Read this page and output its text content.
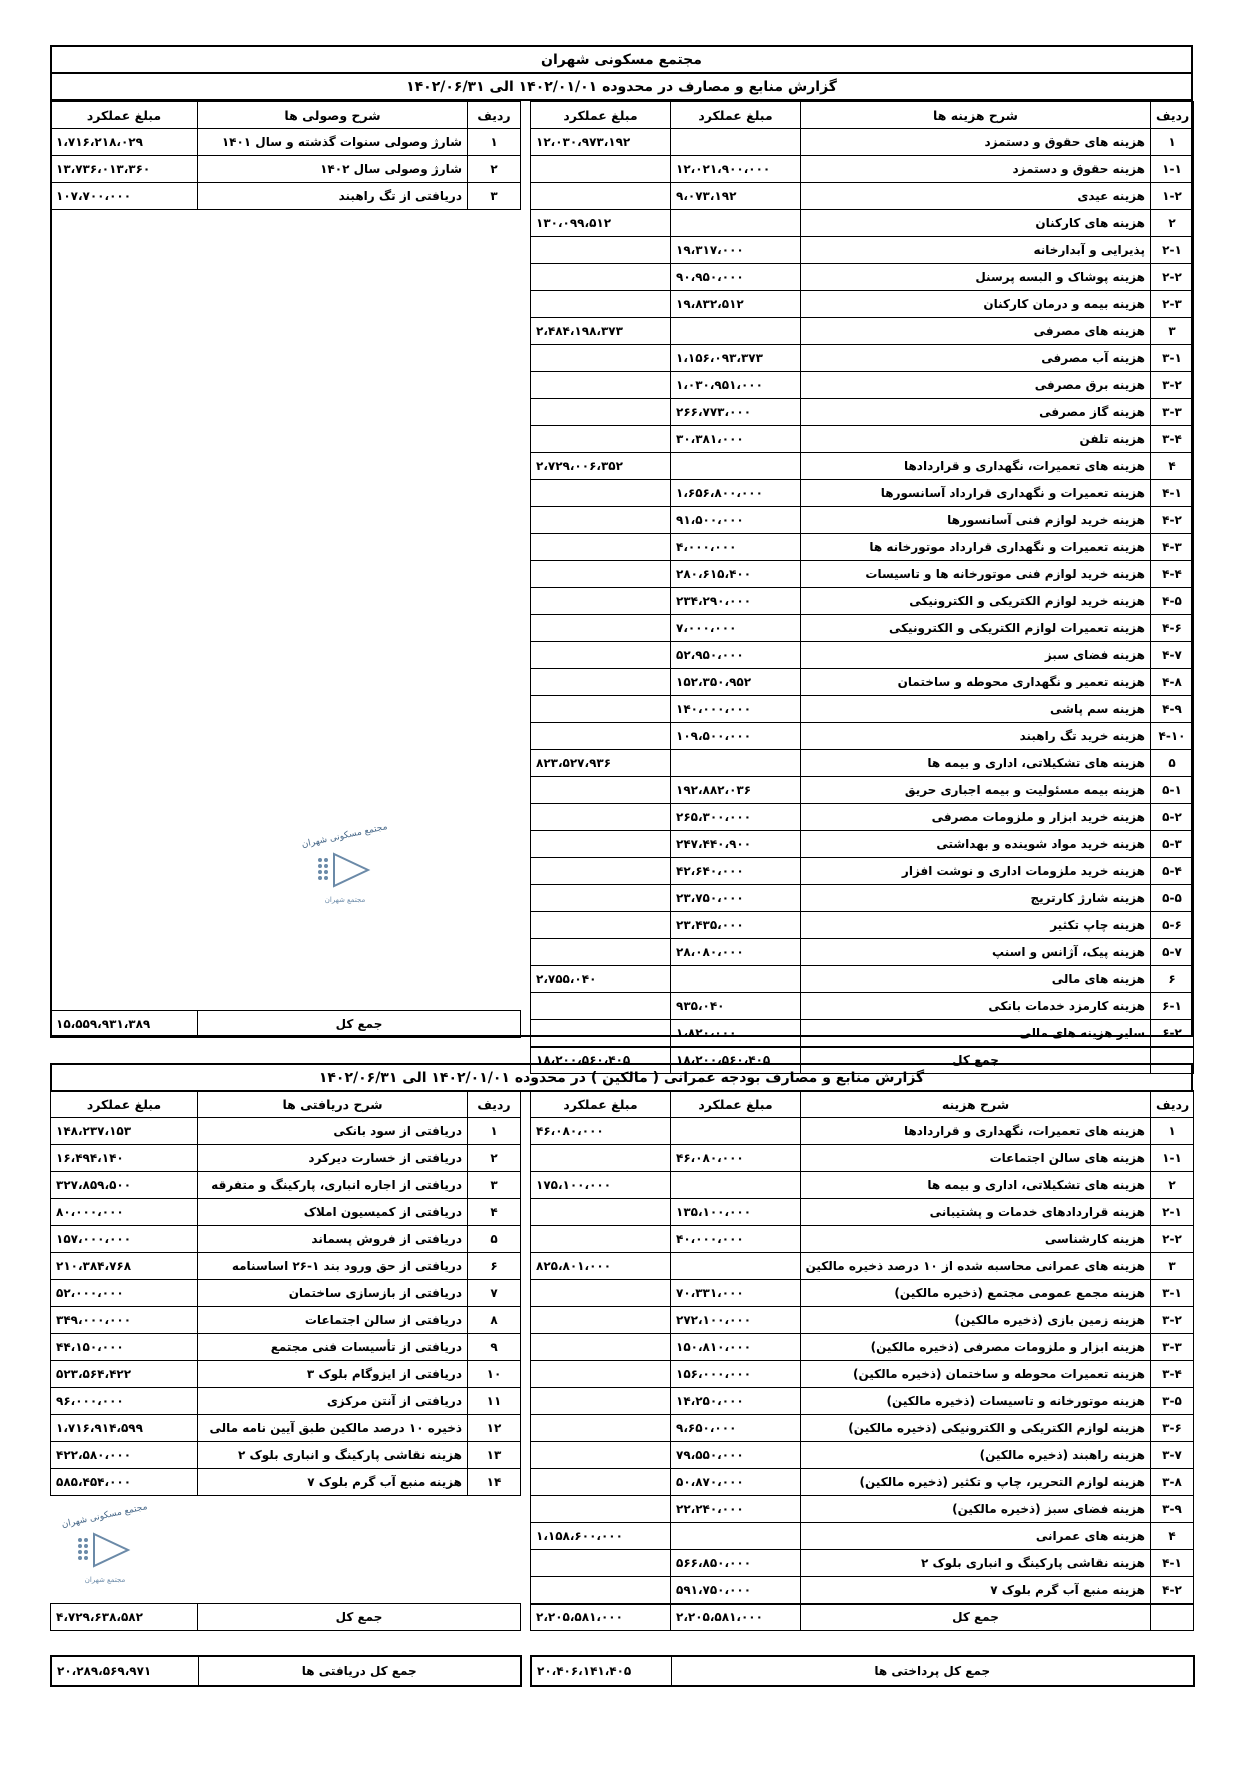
مجتمع مسکونی شهران
گزارش منابع و مصارف در محدوده ۱۴۰۲/۰۱/۰۱ الی ۱۴۰۲/۰۶/۳۱
مبلغ عملکرد	مبلغ عملکرد	شرح هزینه ها	ردیف
۱۲،۰۳۰،۹۷۳،۱۹۲		هزینه های حقوق و دستمزد	۱
	۱۲،۰۲۱،۹۰۰،۰۰۰	هزینه حقوق و دستمزد	۱-۱
	۹،۰۷۳،۱۹۲	هزینه عیدی	۱-۲
۱۳۰،۰۹۹،۵۱۲		هزینه های کارکنان	۲
	۱۹،۳۱۷،۰۰۰	پذیرایی و آبدارخانه	۲-۱
	۹۰،۹۵۰،۰۰۰	هزینه پوشاک و البسه پرسنل	۲-۲
	۱۹،۸۳۲،۵۱۲	هزینه بیمه و درمان کارکنان	۲-۳
۲،۴۸۴،۱۹۸،۳۷۳		هزینه های مصرفی	۳
	۱،۱۵۶،۰۹۳،۳۷۳	هزینه آب مصرفی	۳-۱
	۱،۰۳۰،۹۵۱،۰۰۰	هزینه برق مصرفی	۳-۲
	۲۶۶،۷۷۳،۰۰۰	هزینه گاز مصرفی	۳-۳
	۳۰،۳۸۱،۰۰۰	هزینه تلفن	۳-۴
۲،۷۲۹،۰۰۶،۳۵۲		هزینه های تعمیرات، نگهداری و قراردادها	۴
	۱،۶۵۶،۸۰۰،۰۰۰	هزینه تعمیرات و نگهداری قرارداد آسانسورها	۴-۱
	۹۱،۵۰۰،۰۰۰	هزینه خرید لوازم فنی آسانسورها	۴-۲
	۴،۰۰۰،۰۰۰	هزینه تعمیرات و نگهداری قرارداد موتورخانه ها	۴-۳
	۲۸۰،۶۱۵،۴۰۰	هزینه خرید لوازم فنی موتورخانه ها و تاسیسات	۴-۴
	۲۳۴،۲۹۰،۰۰۰	هزینه خرید لوازم الکتریکی و الکترونیکی	۴-۵
	۷،۰۰۰،۰۰۰	هزینه تعمیرات لوازم الکتریکی و الکترونیکی	۴-۶
	۵۲،۹۵۰،۰۰۰	هزینه فضای سبز	۴-۷
	۱۵۲،۳۵۰،۹۵۲	هزینه تعمیر و نگهداری محوطه و ساختمان	۴-۸
	۱۴۰،۰۰۰،۰۰۰	هزینه سم پاشی	۴-۹
	۱۰۹،۵۰۰،۰۰۰	هزینه خرید تگ راهبند	۴-۱۰
۸۲۳،۵۲۷،۹۳۶		هزینه های تشکیلاتی، اداری و بیمه ها	۵
	۱۹۲،۸۸۲،۰۳۶	هزینه بیمه مسئولیت و بیمه اجباری حریق	۵-۱
	۲۶۵،۳۰۰،۰۰۰	هزینه خرید ابزار و ملزومات مصرفی	۵-۲
	۲۴۷،۴۴۰،۹۰۰	هزینه خرید مواد شوینده و بهداشتی	۵-۳
	۴۲،۶۴۰،۰۰۰	هزینه خرید ملزومات اداری و نوشت افزار	۵-۴
	۲۳،۷۵۰،۰۰۰	هزینه شارژ کارتریج	۵-۵
	۲۳،۴۳۵،۰۰۰	هزینه چاپ تکثیر	۵-۶
	۲۸،۰۸۰،۰۰۰	هزینه پیک، آژانس و اسنپ	۵-۷
۲،۷۵۵،۰۴۰		هزینه های مالی	۶
	۹۳۵،۰۴۰	هزینه کارمزد خدمات بانکی	۶-۱
	۱،۸۲۰،۰۰۰	سایر هزینه های مالی	۶-۲
۱۸،۲۰۰،۵۶۰،۴۰۵	۱۸،۲۰۰،۵۶۰،۴۰۵	جمع کل	
مبلغ عملکرد	شرح وصولی ها	ردیف
۱،۷۱۶،۲۱۸،۰۲۹	شارژ وصولی سنوات گذشته و سال ۱۴۰۱	۱
۱۳،۷۳۶،۰۱۳،۳۶۰	شارژ وصولی سال ۱۴۰۲	۲
۱۰۷،۷۰۰،۰۰۰	دریافتی از تگ راهبند	۳
۱۵،۵۵۹،۹۳۱،۳۸۹	جمع کل
مجتمع مسکونی شهران
مجتمع شهران
گزارش منابع و مصارف بودجه عمرانی ( مالکین ) در محدوده ۱۴۰۲/۰۱/۰۱ الی ۱۴۰۲/۰۶/۳۱
مبلغ عملکرد	مبلغ عملکرد	شرح هزینه	ردیف
۴۶،۰۸۰،۰۰۰		هزینه های تعمیرات، نگهداری و قراردادها	۱
	۴۶،۰۸۰،۰۰۰	هزینه های سالن اجتماعات	۱-۱
۱۷۵،۱۰۰،۰۰۰		هزینه های تشکیلاتی، اداری و بیمه ها	۲
	۱۳۵،۱۰۰،۰۰۰	هزینه قراردادهای خدمات و پشتیبانی	۲-۱
	۴۰،۰۰۰،۰۰۰	هزینه کارشناسی	۲-۲
۸۲۵،۸۰۱،۰۰۰		هزینه های عمرانی محاسبه شده از ۱۰ درصد ذخیره مالکین	۳
	۷۰،۳۳۱،۰۰۰	هزینه مجمع عمومی مجتمع (ذخیره مالکین)	۳-۱
	۲۷۲،۱۰۰،۰۰۰	هزینه زمین بازی (ذخیره مالکین)	۳-۲
	۱۵۰،۸۱۰،۰۰۰	هزینه ابزار و ملزومات مصرفی (ذخیره مالکین)	۳-۳
	۱۵۶،۰۰۰،۰۰۰	هزینه تعمیرات محوطه و ساختمان (ذخیره مالکین)	۳-۴
	۱۴،۲۵۰،۰۰۰	هزینه موتورخانه و تاسیسات (ذخیره مالکین)	۳-۵
	۹،۶۵۰،۰۰۰	هزینه لوازم الکتریکی و الکترونیکی (ذخیره مالکین)	۳-۶
	۷۹،۵۵۰،۰۰۰	هزینه راهبند (ذخیره مالکین)	۳-۷
	۵۰،۸۷۰،۰۰۰	هزینه لوازم التحریر، چاپ و تکثیر (ذخیره مالکین)	۳-۸
	۲۲،۲۴۰،۰۰۰	هزینه فضای سبز (ذخیره مالکین)	۳-۹
۱،۱۵۸،۶۰۰،۰۰۰		هزینه های عمرانی	۴
	۵۶۶،۸۵۰،۰۰۰	هزینه نقاشی پارکینگ و انباری بلوک ۲	۴-۱
	۵۹۱،۷۵۰،۰۰۰	هزینه منبع آب گرم بلوک ۷	۴-۲
۲،۲۰۵،۵۸۱،۰۰۰	۲،۲۰۵،۵۸۱،۰۰۰	جمع کل	
مبلغ عملکرد	شرح دریافتی ها	ردیف
۱۴۸،۲۳۷،۱۵۳	دریافتی از سود بانکی	۱
۱۶،۴۹۴،۱۴۰	دریافتی از خسارت دیرکرد	۲
۳۲۷،۸۵۹،۵۰۰	دریافتی از اجاره انباری، پارکینگ و متفرقه	۳
۸۰،۰۰۰،۰۰۰	دریافتی از کمیسیون املاک	۴
۱۵۷،۰۰۰،۰۰۰	دریافتی از فروش پسماند	۵
۲۱۰،۳۸۴،۷۶۸	دریافتی از حق ورود بند ۱-۲۶ اساسنامه	۶
۵۲،۰۰۰،۰۰۰	دریافتی از بازسازی ساختمان	۷
۳۴۹،۰۰۰،۰۰۰	دریافتی از سالن اجتماعات	۸
۴۴،۱۵۰،۰۰۰	دریافتی از تأسیسات فنی مجتمع	۹
۵۲۳،۵۶۴،۴۲۲	دریافتی از ایزوگام بلوک ۳	۱۰
۹۶،۰۰۰،۰۰۰	دریافتی از آنتن مرکزی	۱۱
۱،۷۱۶،۹۱۴،۵۹۹	ذخیره ۱۰ درصد مالکین طبق آیین نامه مالی	۱۲
۴۲۲،۵۸۰،۰۰۰	هزینه نقاشی پارکینگ و انباری بلوک ۲	۱۳
۵۸۵،۴۵۴،۰۰۰	هزینه منبع آب گرم بلوک ۷	۱۴
۴،۷۲۹،۶۳۸،۵۸۲	جمع کل
مجتمع مسکونی شهران
مجتمع شهران
۲۰،۴۰۶،۱۴۱،۴۰۵	جمع کل پرداختی ها
۲۰،۲۸۹،۵۶۹،۹۷۱	جمع کل دریافتی ها
